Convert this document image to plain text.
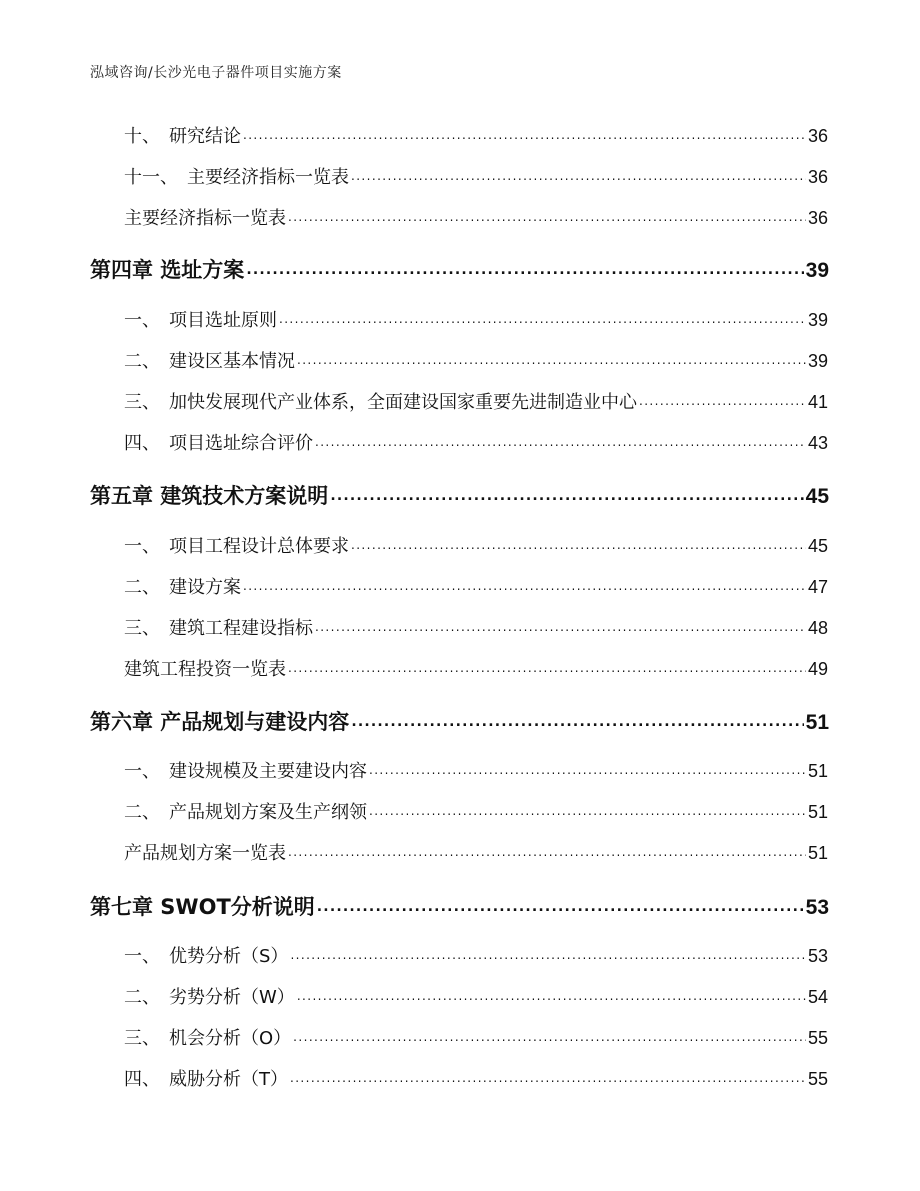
泓域咨询/长沙光电子器件项目实施方案
十、　研究结论 .....	36
十一、　主要经济指标一览表 .....	36
主要经济指标一览表 .....	36
第四章 选址方案 .....	39
一、　项目选址原则 .....	39
二、　建设区基本情况 .....	39
三、　加快发展现代产业体系，全面建设国家重要先进制造业中心 .....	41
四、　项目选址综合评价 .....	43
第五章 建筑技术方案说明 .....	45
一、　项目工程设计总体要求 .....	45
二、　建设方案 .....	47
三、　建筑工程建设指标 .....	48
建筑工程投资一览表 .....	49
第六章 产品规划与建设内容 .....	51
一、　建设规模及主要建设内容 .....	51
二、　产品规划方案及生产纲领 .....	51
产品规划方案一览表 .....	51
第七章 SWOT分析说明 .....	53
一、　优势分析（S） .....	53
二、　劣势分析（W） .....	54
三、　机会分析（O） .....	55
四、　威胁分析（T） .....	55
